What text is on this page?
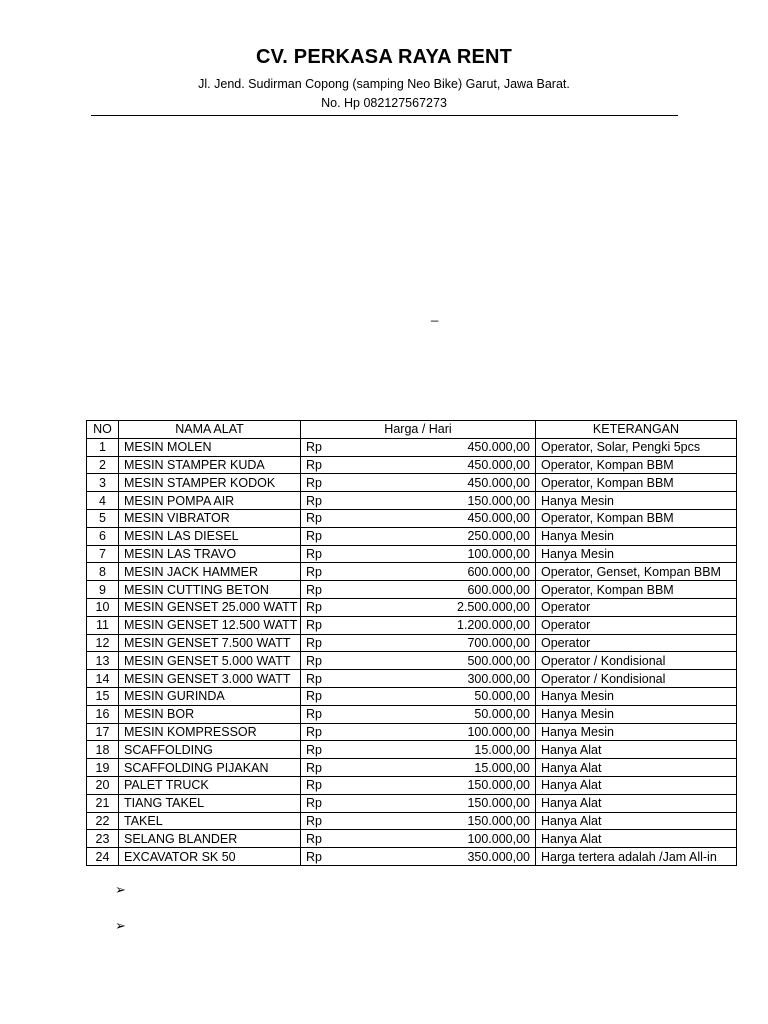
CV. PERKASA RAYA RENT
Jl. Jend. Sudirman Copong (samping Neo Bike) Garut, Jawa Barat.
No. Hp 082127567273
_
NO	NAMA ALAT	Harga / Hari	KETERANGAN
1	MESIN MOLEN	Rp 450.000,00	Operator, Solar, Pengki 5pcs
2	MESIN STAMPER KUDA	Rp 450.000,00	Operator, Kompan BBM
3	MESIN STAMPER KODOK	Rp 450.000,00	Operator, Kompan BBM
4	MESIN POMPA AIR	Rp 150.000,00	Hanya Mesin
5	MESIN VIBRATOR	Rp 450.000,00	Operator, Kompan BBM
6	MESIN LAS DIESEL	Rp 250.000,00	Hanya Mesin
7	MESIN LAS TRAVO	Rp 100.000,00	Hanya Mesin
8	MESIN JACK HAMMER	Rp 600.000,00	Operator, Genset, Kompan BBM
9	MESIN CUTTING BETON	Rp 600.000,00	Operator, Kompan BBM
10	MESIN GENSET 25.000 WATT	Rp 2.500.000,00	Operator
11	MESIN GENSET 12.500 WATT	Rp 1.200.000,00	Operator
12	MESIN GENSET 7.500 WATT	Rp 700.000,00	Operator
13	MESIN GENSET 5.000 WATT	Rp 500.000,00	Operator / Kondisional
14	MESIN GENSET 3.000 WATT	Rp 300.000,00	Operator / Kondisional
15	MESIN GURINDA	Rp 50.000,00	Hanya Mesin
16	MESIN BOR	Rp 50.000,00	Hanya Mesin
17	MESIN KOMPRESSOR	Rp 100.000,00	Hanya Mesin
18	SCAFFOLDING	Rp 15.000,00	Hanya Alat
19	SCAFFOLDING PIJAKAN	Rp 15.000,00	Hanya Alat
20	PALET TRUCK	Rp 150.000,00	Hanya Alat
21	TIANG TAKEL	Rp 150.000,00	Hanya Alat
22	TAKEL	Rp 150.000,00	Hanya Alat
23	SELANG BLANDER	Rp 100.000,00	Hanya Alat
24	EXCAVATOR SK 50	Rp 350.000,00	Harga tertera adalah /Jam All-in
➢
➢
